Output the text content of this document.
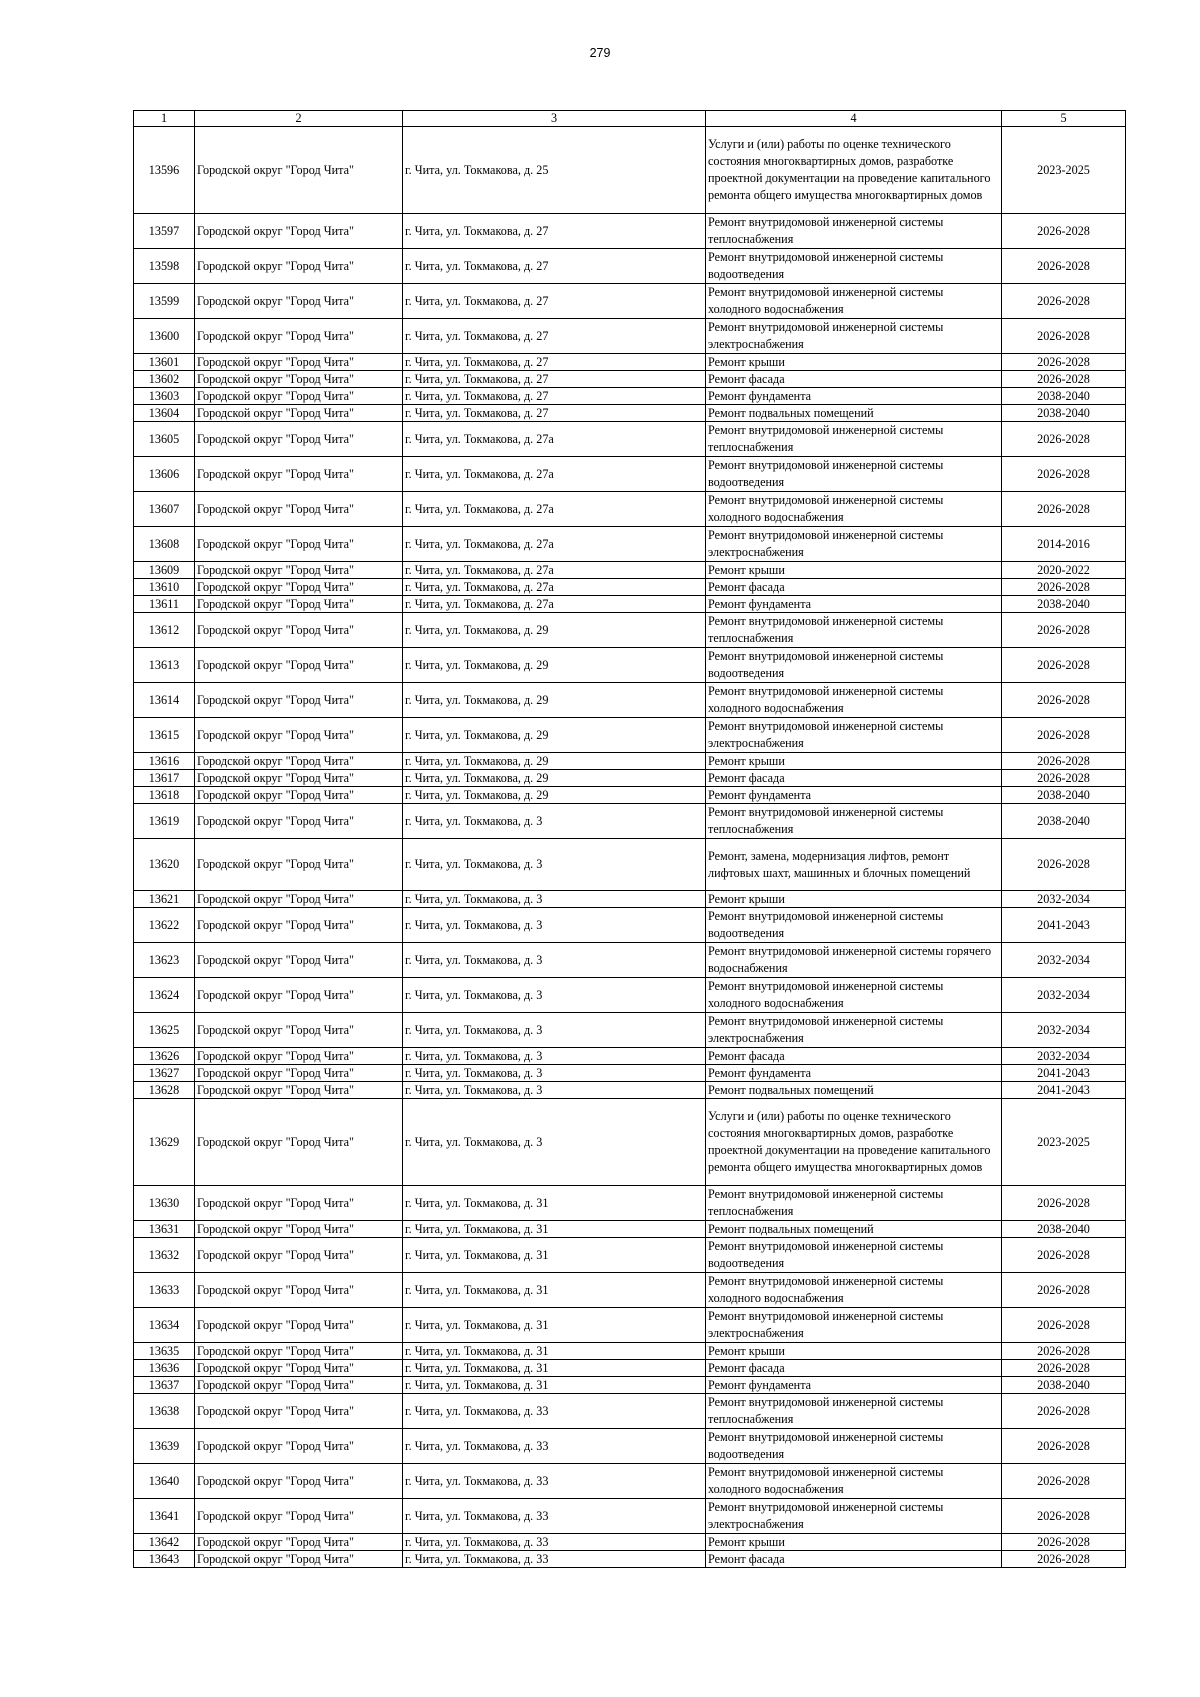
279
1	2	3	4	5
13596	Городской округ "Город Чита"	г. Чита, ул. Токмакова, д. 25	Услуги и (или) работы по оценке технического состояния многоквартирных домов, разработке проектной документации на проведение капитального ремонта общего имущества многоквартирных домов	2023-2025
13597	Городской округ "Город Чита"	г. Чита, ул. Токмакова, д. 27	Ремонт внутридомовой инженерной системы теплоснабжения	2026-2028
13598	Городской округ "Город Чита"	г. Чита, ул. Токмакова, д. 27	Ремонт внутридомовой инженерной системы водоотведения	2026-2028
13599	Городской округ "Город Чита"	г. Чита, ул. Токмакова, д. 27	Ремонт внутридомовой инженерной системы холодного водоснабжения	2026-2028
13600	Городской округ "Город Чита"	г. Чита, ул. Токмакова, д. 27	Ремонт внутридомовой инженерной системы электроснабжения	2026-2028
13601	Городской округ "Город Чита"	г. Чита, ул. Токмакова, д. 27	Ремонт крыши	2026-2028
13602	Городской округ "Город Чита"	г. Чита, ул. Токмакова, д. 27	Ремонт фасада	2026-2028
13603	Городской округ "Город Чита"	г. Чита, ул. Токмакова, д. 27	Ремонт фундамента	2038-2040
13604	Городской округ "Город Чита"	г. Чита, ул. Токмакова, д. 27	Ремонт подвальных помещений	2038-2040
13605	Городской округ "Город Чита"	г. Чита, ул. Токмакова, д. 27а	Ремонт внутридомовой инженерной системы теплоснабжения	2026-2028
13606	Городской округ "Город Чита"	г. Чита, ул. Токмакова, д. 27а	Ремонт внутридомовой инженерной системы водоотведения	2026-2028
13607	Городской округ "Город Чита"	г. Чита, ул. Токмакова, д. 27а	Ремонт внутридомовой инженерной системы холодного водоснабжения	2026-2028
13608	Городской округ "Город Чита"	г. Чита, ул. Токмакова, д. 27а	Ремонт внутридомовой инженерной системы электроснабжения	2014-2016
13609	Городской округ "Город Чита"	г. Чита, ул. Токмакова, д. 27а	Ремонт крыши	2020-2022
13610	Городской округ "Город Чита"	г. Чита, ул. Токмакова, д. 27а	Ремонт фасада	2026-2028
13611	Городской округ "Город Чита"	г. Чита, ул. Токмакова, д. 27а	Ремонт фундамента	2038-2040
13612	Городской округ "Город Чита"	г. Чита, ул. Токмакова, д. 29	Ремонт внутридомовой инженерной системы теплоснабжения	2026-2028
13613	Городской округ "Город Чита"	г. Чита, ул. Токмакова, д. 29	Ремонт внутридомовой инженерной системы водоотведения	2026-2028
13614	Городской округ "Город Чита"	г. Чита, ул. Токмакова, д. 29	Ремонт внутридомовой инженерной системы холодного водоснабжения	2026-2028
13615	Городской округ "Город Чита"	г. Чита, ул. Токмакова, д. 29	Ремонт внутридомовой инженерной системы электроснабжения	2026-2028
13616	Городской округ "Город Чита"	г. Чита, ул. Токмакова, д. 29	Ремонт крыши	2026-2028
13617	Городской округ "Город Чита"	г. Чита, ул. Токмакова, д. 29	Ремонт фасада	2026-2028
13618	Городской округ "Город Чита"	г. Чита, ул. Токмакова, д. 29	Ремонт фундамента	2038-2040
13619	Городской округ "Город Чита"	г. Чита, ул. Токмакова, д. 3	Ремонт внутридомовой инженерной системы теплоснабжения	2038-2040
13620	Городской округ "Город Чита"	г. Чита, ул. Токмакова, д. 3	Ремонт, замена, модернизация лифтов, ремонт лифтовых шахт, машинных и блочных помещений	2026-2028
13621	Городской округ "Город Чита"	г. Чита, ул. Токмакова, д. 3	Ремонт крыши	2032-2034
13622	Городской округ "Город Чита"	г. Чита, ул. Токмакова, д. 3	Ремонт внутридомовой инженерной системы водоотведения	2041-2043
13623	Городской округ "Город Чита"	г. Чита, ул. Токмакова, д. 3	Ремонт внутридомовой инженерной системы горячего водоснабжения	2032-2034
13624	Городской округ "Город Чита"	г. Чита, ул. Токмакова, д. 3	Ремонт внутридомовой инженерной системы холодного водоснабжения	2032-2034
13625	Городской округ "Город Чита"	г. Чита, ул. Токмакова, д. 3	Ремонт внутридомовой инженерной системы электроснабжения	2032-2034
13626	Городской округ "Город Чита"	г. Чита, ул. Токмакова, д. 3	Ремонт фасада	2032-2034
13627	Городской округ "Город Чита"	г. Чита, ул. Токмакова, д. 3	Ремонт фундамента	2041-2043
13628	Городской округ "Город Чита"	г. Чита, ул. Токмакова, д. 3	Ремонт подвальных помещений	2041-2043
13629	Городской округ "Город Чита"	г. Чита, ул. Токмакова, д. 3	Услуги и (или) работы по оценке технического состояния многоквартирных домов, разработке проектной документации на проведение капитального ремонта общего имущества многоквартирных домов	2023-2025
13630	Городской округ "Город Чита"	г. Чита, ул. Токмакова, д. 31	Ремонт внутридомовой инженерной системы теплоснабжения	2026-2028
13631	Городской округ "Город Чита"	г. Чита, ул. Токмакова, д. 31	Ремонт подвальных помещений	2038-2040
13632	Городской округ "Город Чита"	г. Чита, ул. Токмакова, д. 31	Ремонт внутридомовой инженерной системы водоотведения	2026-2028
13633	Городской округ "Город Чита"	г. Чита, ул. Токмакова, д. 31	Ремонт внутридомовой инженерной системы холодного водоснабжения	2026-2028
13634	Городской округ "Город Чита"	г. Чита, ул. Токмакова, д. 31	Ремонт внутридомовой инженерной системы электроснабжения	2026-2028
13635	Городской округ "Город Чита"	г. Чита, ул. Токмакова, д. 31	Ремонт крыши	2026-2028
13636	Городской округ "Город Чита"	г. Чита, ул. Токмакова, д. 31	Ремонт фасада	2026-2028
13637	Городской округ "Город Чита"	г. Чита, ул. Токмакова, д. 31	Ремонт фундамента	2038-2040
13638	Городской округ "Город Чита"	г. Чита, ул. Токмакова, д. 33	Ремонт внутридомовой инженерной системы теплоснабжения	2026-2028
13639	Городской округ "Город Чита"	г. Чита, ул. Токмакова, д. 33	Ремонт внутридомовой инженерной системы водоотведения	2026-2028
13640	Городской округ "Город Чита"	г. Чита, ул. Токмакова, д. 33	Ремонт внутридомовой инженерной системы холодного водоснабжения	2026-2028
13641	Городской округ "Город Чита"	г. Чита, ул. Токмакова, д. 33	Ремонт внутридомовой инженерной системы электроснабжения	2026-2028
13642	Городской округ "Город Чита"	г. Чита, ул. Токмакова, д. 33	Ремонт крыши	2026-2028
13643	Городской округ "Город Чита"	г. Чита, ул. Токмакова, д. 33	Ремонт фасада	2026-2028
